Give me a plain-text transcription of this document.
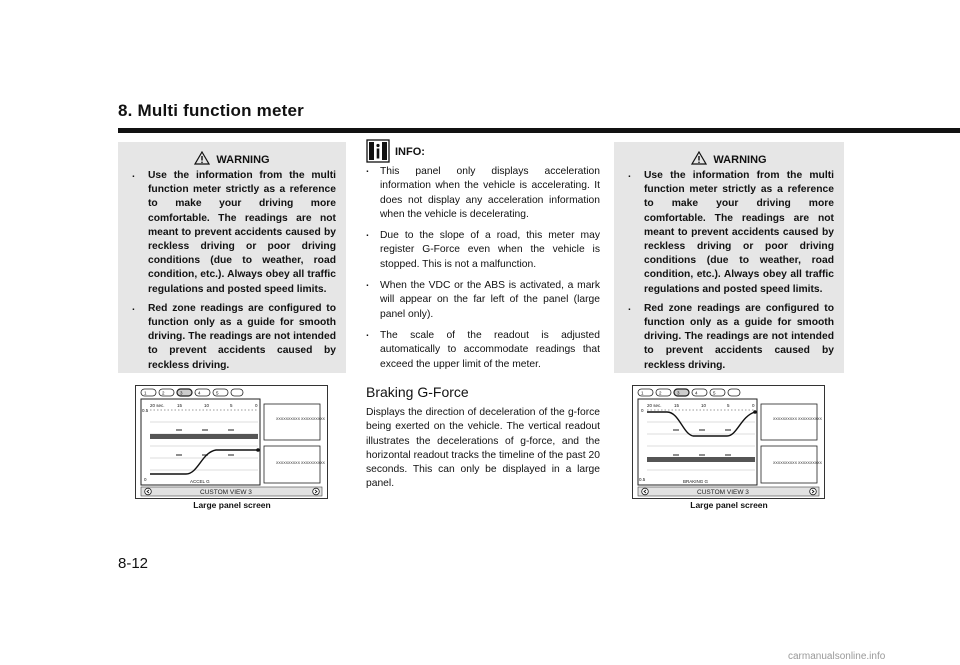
8. Multi function meter
WARNING
. Use the information from the multi function meter strictly as a reference to make your driving more comfortable. The readings are not meant to prevent accidents caused by reckless driving or poor driving conditions (due to weather, road condition, etc.). Always obey all traffic regulations and posted speed limits.
. Red zone readings are configured to function only as a guide for smooth driving. The readings are not intended to prevent accidents caused by reckless driving.
INFO:
. This panel only displays acceleration information when the vehicle is accelerating. It does not display any acceleration information when the vehicle is decelerating.
. Due to the slope of a road, this meter may register G-Force even when the vehicle is stopped. This is not a malfunction.
. When the VDC or the ABS is activated, a mark will appear on the far left of the panel (large panel only).
. The scale of the readout is adjusted automatically to accommodate readings that exceed the upper limit of the meter.
Braking G-Force
Displays the direction of deceleration of the g-force being exerted on the vehicle. The vertical readout illustrates the decelerations of g-force, and the horizontal readout tracks the timeline of the past 20 seconds. This can only be displayed in a large panel.
WARNING
. Use the information from the multi function meter strictly as a reference to make your driving more comfortable. The readings are not meant to prevent accidents caused by reckless driving or poor driving conditions (due to weather, road condition, etc.). Always obey all traffic regulations and posted speed limits.
. Red zone readings are configured to function only as a guide for smooth driving. The readings are not intended to prevent accidents caused by reckless driving.
1	2	3	4	5
20 sec.	15	10	5	0
0.5
0	ACCEL G
XXXXXXXXXX XXXXXXXXXX
XXXXXXXXXX XXXXXXXXXX
CUSTOM VIEW 3
Large panel screen
1	2	3	4	5
20 sec.	15	10	5	0
0
0.5	BRAKING G
XXXXXXXXXX XXXXXXXXXX
XXXXXXXXXX XXXXXXXXXX
CUSTOM VIEW 3
Large panel screen
8-12
carmanualsonline.info
